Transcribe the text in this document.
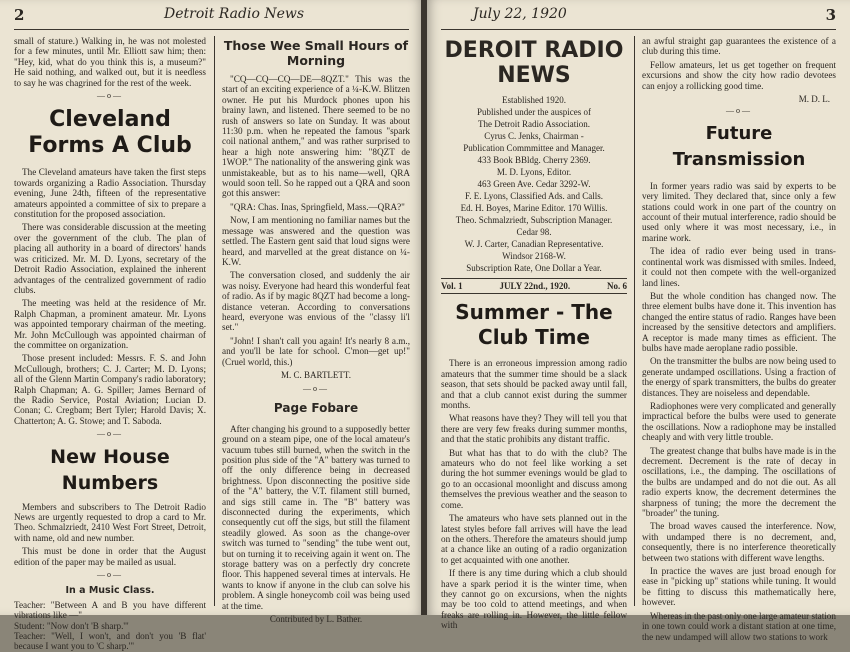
2	Detroit Radio News

small of stature.) Walking in, he was not molested for a few minutes, until Mr. Elliott saw him; then: "Hey, kid, what do you think this is, a museum?" He said nothing, and walked out, but it is needless to say he was chagrined for the rest of the week.

—o—
Cleveland Forms A Club

The Cleveland amateurs have taken the first steps towards organizing a Radio Association. Thursday evening, June 24th, fifteen of the representative amateurs appointed a committee of six to prepare a constitution for the proposed association.

There was considerable discussion at the meeting over the government of the club. The plan of placing all authority in a board of directors' hands was criticized. Mr. M. D. Lyons, secretary of the Detroit Radio Association, explained the inherent advantages of the centralized government of radio clubs.

The meeting was held at the residence of Mr. Ralph Chapman, a prominent amateur. Mr. Lyons was appointed temporary chairman of the meeting. Mr. John McCullough was appointed chairman of the committee on organization.

Those present included: Messrs. F. S. and John McCullough, brothers; C. J. Carter; M. D. Lyons; all of the Glenn Martin Company's radio laboratory; Ralph Chapman; A. G. Spiller; James Bernard of the Radio Service, Postal Aviation; Lucian D. Conan; C. Cregbam; Bert Tyler; Harold Davis; X. Chatterton; A. G. Stowe; and T. Saboda.

—o—
New House Numbers

Members and subscribers to The Detroit Radio News are urgently requested to drop a card to Mr. Theo. Schmalzriedt, 2410 West Fort Street, Detroit, with name, old and new number.

This must be done in order that the August edition of the paper may be mailed as usual.

—o—
In a Music Class.

Teacher: "Between A and B you have different vibrations like —"

Student: "Now don't 'B sharp.'"

Teacher: "Well, I won't, and don't you 'B flat' because I want you to 'C sharp.'"

Those Wee Small Hours of Morning

"CQ—CQ—CQ—DE—8QZT." This was the start of an exciting experience of a ¼-K.W. Blitzen owner. He put his Murdock phones upon his brainy lawn, and listened. There seemed to be no rush of answers so late on Sunday. It was about 11:30 p.m. when he repeated the famous "spark coil national anthem," and was rather surprised to hear a high note answering him: "8QZT de 1WOP." The nationality of the answering gink was unmistakeable, but as to his name—well, QRA would soon tell. So he rapped out a QRA and soon got this answer:

"QRA: Chas. Inas, Springfield, Mass.—QRA?"

Now, I am mentioning no familiar names but the message was answered and the question was settled. The Eastern gent said that loud signs were heard, and marvelled at the great distance on ¼-K.W.

The conversation closed, and suddenly the air was noisy. Everyone had heard this wonderful feat of radio. As if by magic 8QZT had become a long-distance veteran. According to conversations heard, everyone was envious of the "classy li'l set."

"John! I shan't call you again! It's nearly 8 a.m., and you'll be late for school. C'mon—get up!" (Cruel world, this.)

M. C. BARTLETT.
—o—
Page Fobare

After changing his ground to a supposedly better ground on a steam pipe, one of the local amateur's vacuum tubes still burned, when the switch in the position plus side of the "A" battery was turned to off the only difference being in decreased brightness. Upon disconnecting the positive side of the "A" battery, the V.T. filament still burned, and sigs still came in. The "B" battery was disconnected during the experiments, which consequently cut off the sigs, but still the filament steadily glowed. As soon as the change-over switch was turned to "sending" the tube went out, but on turning it to receiving again it went on. The storage battery was on a perfectly dry concrete floor. This happened several times at intervals. He wants to know if anyone in the club can solve his problem. A single honeycomb coil was being used at the time.

Contributed by L. Bather.
July 22, 1920	3
DEROIT RADIO NEWS
Established 1920.
Published under the auspices of
The Detroit Radio Association.
Cyrus C. Jenks, Chairman -
Publication Commmittee and Manager.
433 Book BBldg. Cherry 2369.
M. D. Lyons, Editor.
463 Green Ave. Cedar 3292-W.
F. E. Lyons, Classified Ads. and Calls.
Ed. H. Boyes, Marine Editor. 170 Willis.
Theo. Schmalzriedt, Subscription Manager.
Cedar 98.
W. J. Carter, Canadian Representative.
Windsor 2168-W.
Subscription Rate, One Dollar a Year.
Vol. 1	JULY 22nd., 1920.	No. 6
Summer - The Club Time

There is an erroneous impression among radio amateurs that the summer time should be a slack season, that sets should be packed away until fall, and that a club cannot exist during the summer months.

What reasons have they? They will tell you that there are very few freaks during summer months, and that the static prohibits any distant traffic.

But what has that to do with the club? The amateurs who do not feel like working a set during the hot summer evenings would be glad to go to an occasional moonlight and discuss among themselves the previous weather and the season to come.

The amateurs who have sets planned out in the latest styles before fall arrives will have the lead on the others. Therefore the amateurs should jump at a chance like an outing of a radio organization to get acquainted with one another.

If there is any time during which a club should have a spark period it is the winter time, when they cannot go on excursions, when the nights may be too cold to attend meetings, and when freaks are rolling in. However, the little fellow with

an awful straight gap guarantees the existence of a club during this time.

Fellow amateurs, let us get together on frequent excursions and show the city how radio devotees can enjoy a rollicking good time.

M. D. L.
—o—
Future Transmission

In former years radio was said by experts to be very limited. They declared that, since only a few stations could work in one part of the country on account of their mutual interference, radio should be used only where it was most necessary, i.e., in marine work.

The idea of radio ever being used in trans-continental work was dismissed with smiles. Indeed, it could not then compete with the well-organized land lines.

But the whole condition has changed now. The three element bulbs have done it. This invention has changed the entire status of radio. Ranges have been increased by the sensitive detectors and amplifiers. A receptor is made many times as efficient. The bulbs have made aeroplane radio possible.

On the transmitter the bulbs are now being used to generate undamped oscillations. Using a fraction of the energy of spark transmitters, the bulbs do greater distances. They are noiseless and dependable.

Radiophones were very complicated and generally impractical before the bulbs were used to generate the oscillations. Now a radiophone may be installed cheaply and with very little trouble.

The greatest change that bulbs have made is in the decrement. Decrement is the rate of decay in oscillations, i.e., the damping. The oscillations of the bulbs are undamped and do not die out. As all radio experts know, the decrement determines the sharpness of tuning; the more the decrement the "broader" the tuning.

The broad waves caused the interference. Now, with undamped there is no decrement, and, consequently, there is no interference theoretically between two stations with different wave lengths.

In practice the waves are just broad enough for ease in "picking up" stations while tuning. It would be fitting to discuss this mathematically here, however.

Whereas in the past only one large amateur station in one town could work a distant station at one time, the new undamped will allow two stations to work
